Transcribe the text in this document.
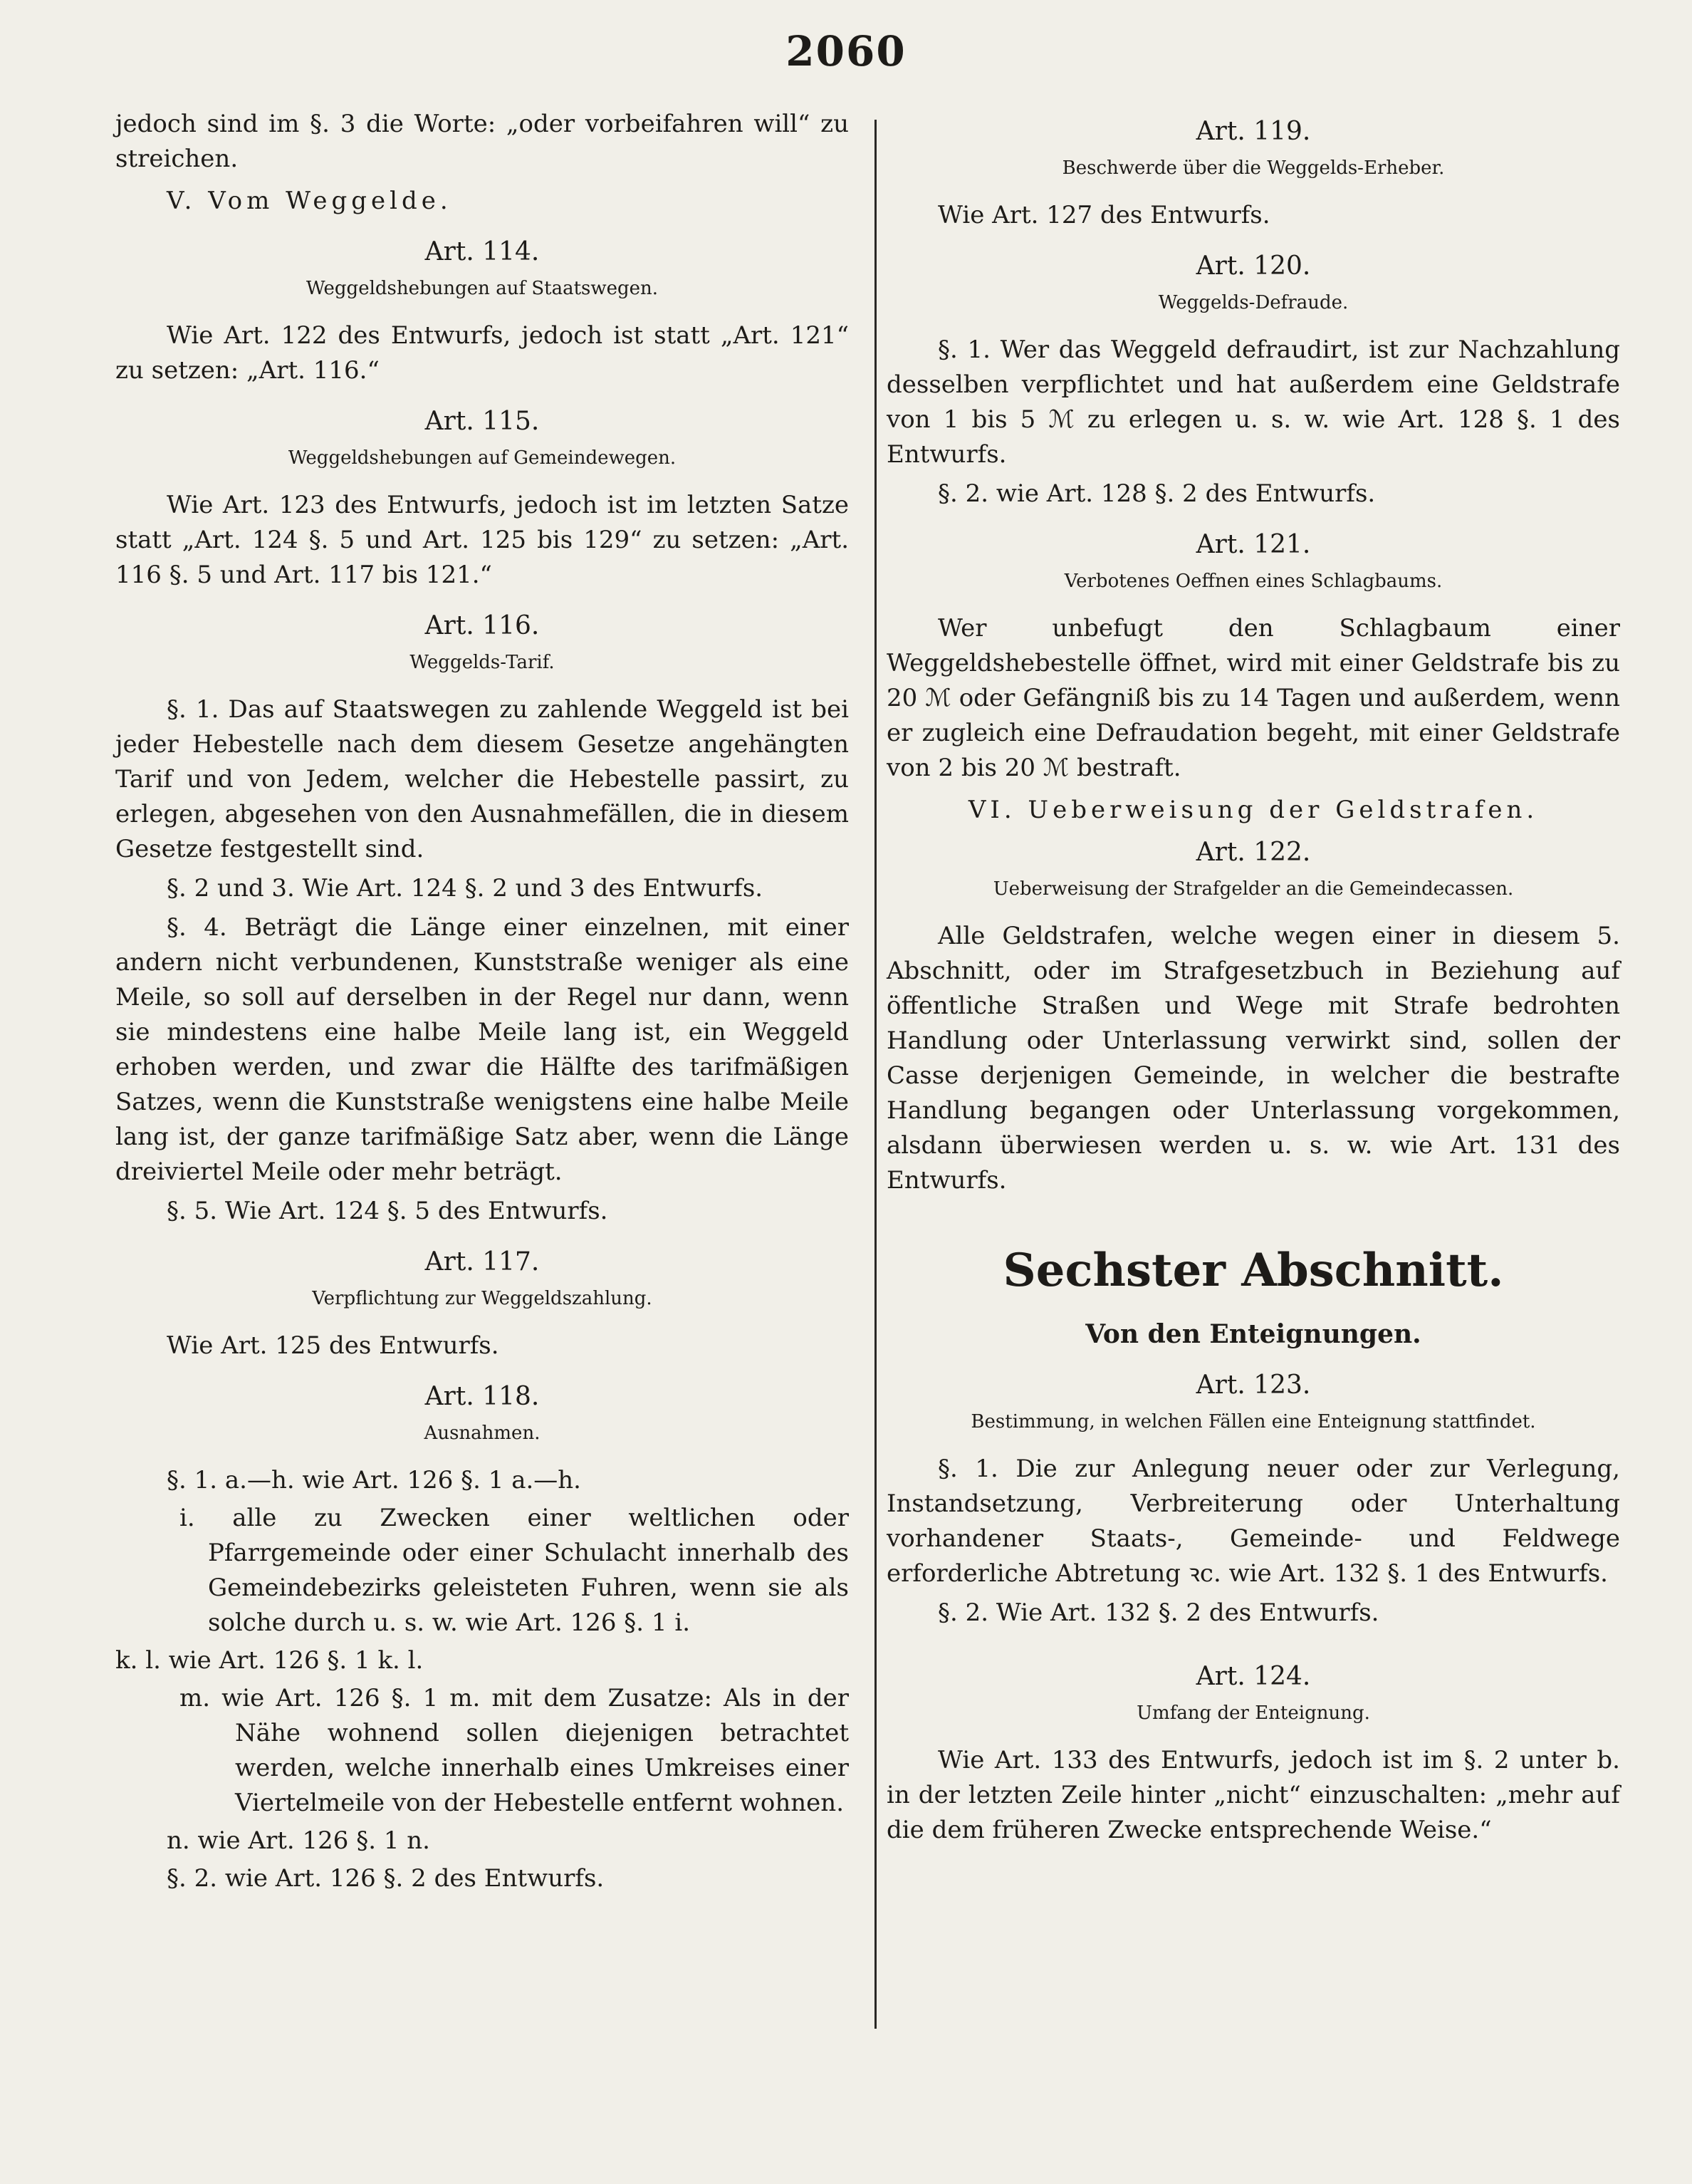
2060

jedoch sind im §. 3 die Worte: „oder vorbeifahren will“ zu streichen.

V. Vom Weggelde.
Art. 114.
Weggeldshebungen auf Staatswegen.

Wie Art. 122 des Entwurfs, jedoch ist statt „Art. 121“ zu setzen: „Art. 116.“

Art. 115.
Weggeldshebungen auf Gemeindewegen.

Wie Art. 123 des Entwurfs, jedoch ist im letzten Satze statt „Art. 124 §. 5 und Art. 125 bis 129“ zu setzen: „Art. 116 §. 5 und Art. 117 bis 121.“

Art. 116.
Weggelds-Tarif.

§. 1. Das auf Staatswegen zu zahlende Weggeld ist bei jeder Hebestelle nach dem diesem Gesetze angehängten Tarif und von Jedem, welcher die Hebestelle passirt, zu erlegen, abgesehen von den Ausnahmefällen, die in diesem Gesetze festgestellt sind.

§. 2 und 3. Wie Art. 124 §. 2 und 3 des Entwurfs.

§. 4. Beträgt die Länge einer einzelnen, mit einer andern nicht verbundenen, Kunststraße weniger als eine Meile, so soll auf derselben in der Regel nur dann, wenn sie mindestens eine halbe Meile lang ist, ein Weggeld erhoben werden, und zwar die Hälfte des tarifmäßigen Satzes, wenn die Kunststraße wenigstens eine halbe Meile lang ist, der ganze tarifmäßige Satz aber, wenn die Länge dreiviertel Meile oder mehr beträgt.

§. 5. Wie Art. 124 §. 5 des Entwurfs.

Art. 117.
Verpflichtung zur Weggeldszahlung.

Wie Art. 125 des Entwurfs.

Art. 118.
Ausnahmen.

§. 1. a.—h. wie Art. 126 §. 1 a.—h.

i. alle zu Zwecken einer weltlichen oder Pfarrgemeinde oder einer Schulacht innerhalb des Gemeindebezirks geleisteten Fuhren, wenn sie als solche durch u. s. w. wie Art. 126 §. 1 i.

k. l. wie Art. 126 §. 1 k. l.

m. wie Art. 126 §. 1 m. mit dem Zusatze: Als in der Nähe wohnend sollen diejenigen betrachtet werden, welche innerhalb eines Umkreises einer Viertelmeile von der Hebestelle entfernt wohnen.

n. wie Art. 126 §. 1 n.

§. 2. wie Art. 126 §. 2 des Entwurfs.

Art. 119.
Beschwerde über die Weggelds-Erheber.

Wie Art. 127 des Entwurfs.

Art. 120.
Weggelds-Defraude.

§. 1. Wer das Weggeld defraudirt, ist zur Nachzahlung desselben verpflichtet und hat außerdem eine Geldstrafe von 1 bis 5 ℳ zu erlegen u. s. w. wie Art. 128 §. 1 des Entwurfs.

§. 2. wie Art. 128 §. 2 des Entwurfs.

Art. 121.
Verbotenes Oeffnen eines Schlagbaums.

Wer unbefugt den Schlagbaum einer Weggeldshebestelle öffnet, wird mit einer Geldstrafe bis zu 20 ℳ oder Gefängniß bis zu 14 Tagen und außerdem, wenn er zugleich eine Defraudation begeht, mit einer Geldstrafe von 2 bis 20 ℳ bestraft.

VI. Ueberweisung der Geldstrafen.
Art. 122.
Ueberweisung der Strafgelder an die Gemeindecassen.

Alle Geldstrafen, welche wegen einer in diesem 5. Abschnitt, oder im Strafgesetzbuch in Beziehung auf öffentliche Straßen und Wege mit Strafe bedrohten Handlung oder Unterlassung verwirkt sind, sollen der Casse derjenigen Gemeinde, in welcher die bestrafte Handlung begangen oder Unterlassung vorgekommen, alsdann überwiesen werden u. s. w. wie Art. 131 des Entwurfs.

Sechster Abschnitt.
Von den Enteignungen.
Art. 123.
Bestimmung, in welchen Fällen eine Enteignung stattfindet.

§. 1. Die zur Anlegung neuer oder zur Verlegung, Instandsetzung, Verbreiterung oder Unterhaltung vorhandener Staats-, Gemeinde- und Feldwege erforderliche Abtretung ꝛc. wie Art. 132 §. 1 des Entwurfs.

§. 2. Wie Art. 132 §. 2 des Entwurfs.

Art. 124.
Umfang der Enteignung.

Wie Art. 133 des Entwurfs, jedoch ist im §. 2 unter b. in der letzten Zeile hinter „nicht“ einzuschalten: „mehr auf die dem früheren Zwecke entsprechende Weise.“
